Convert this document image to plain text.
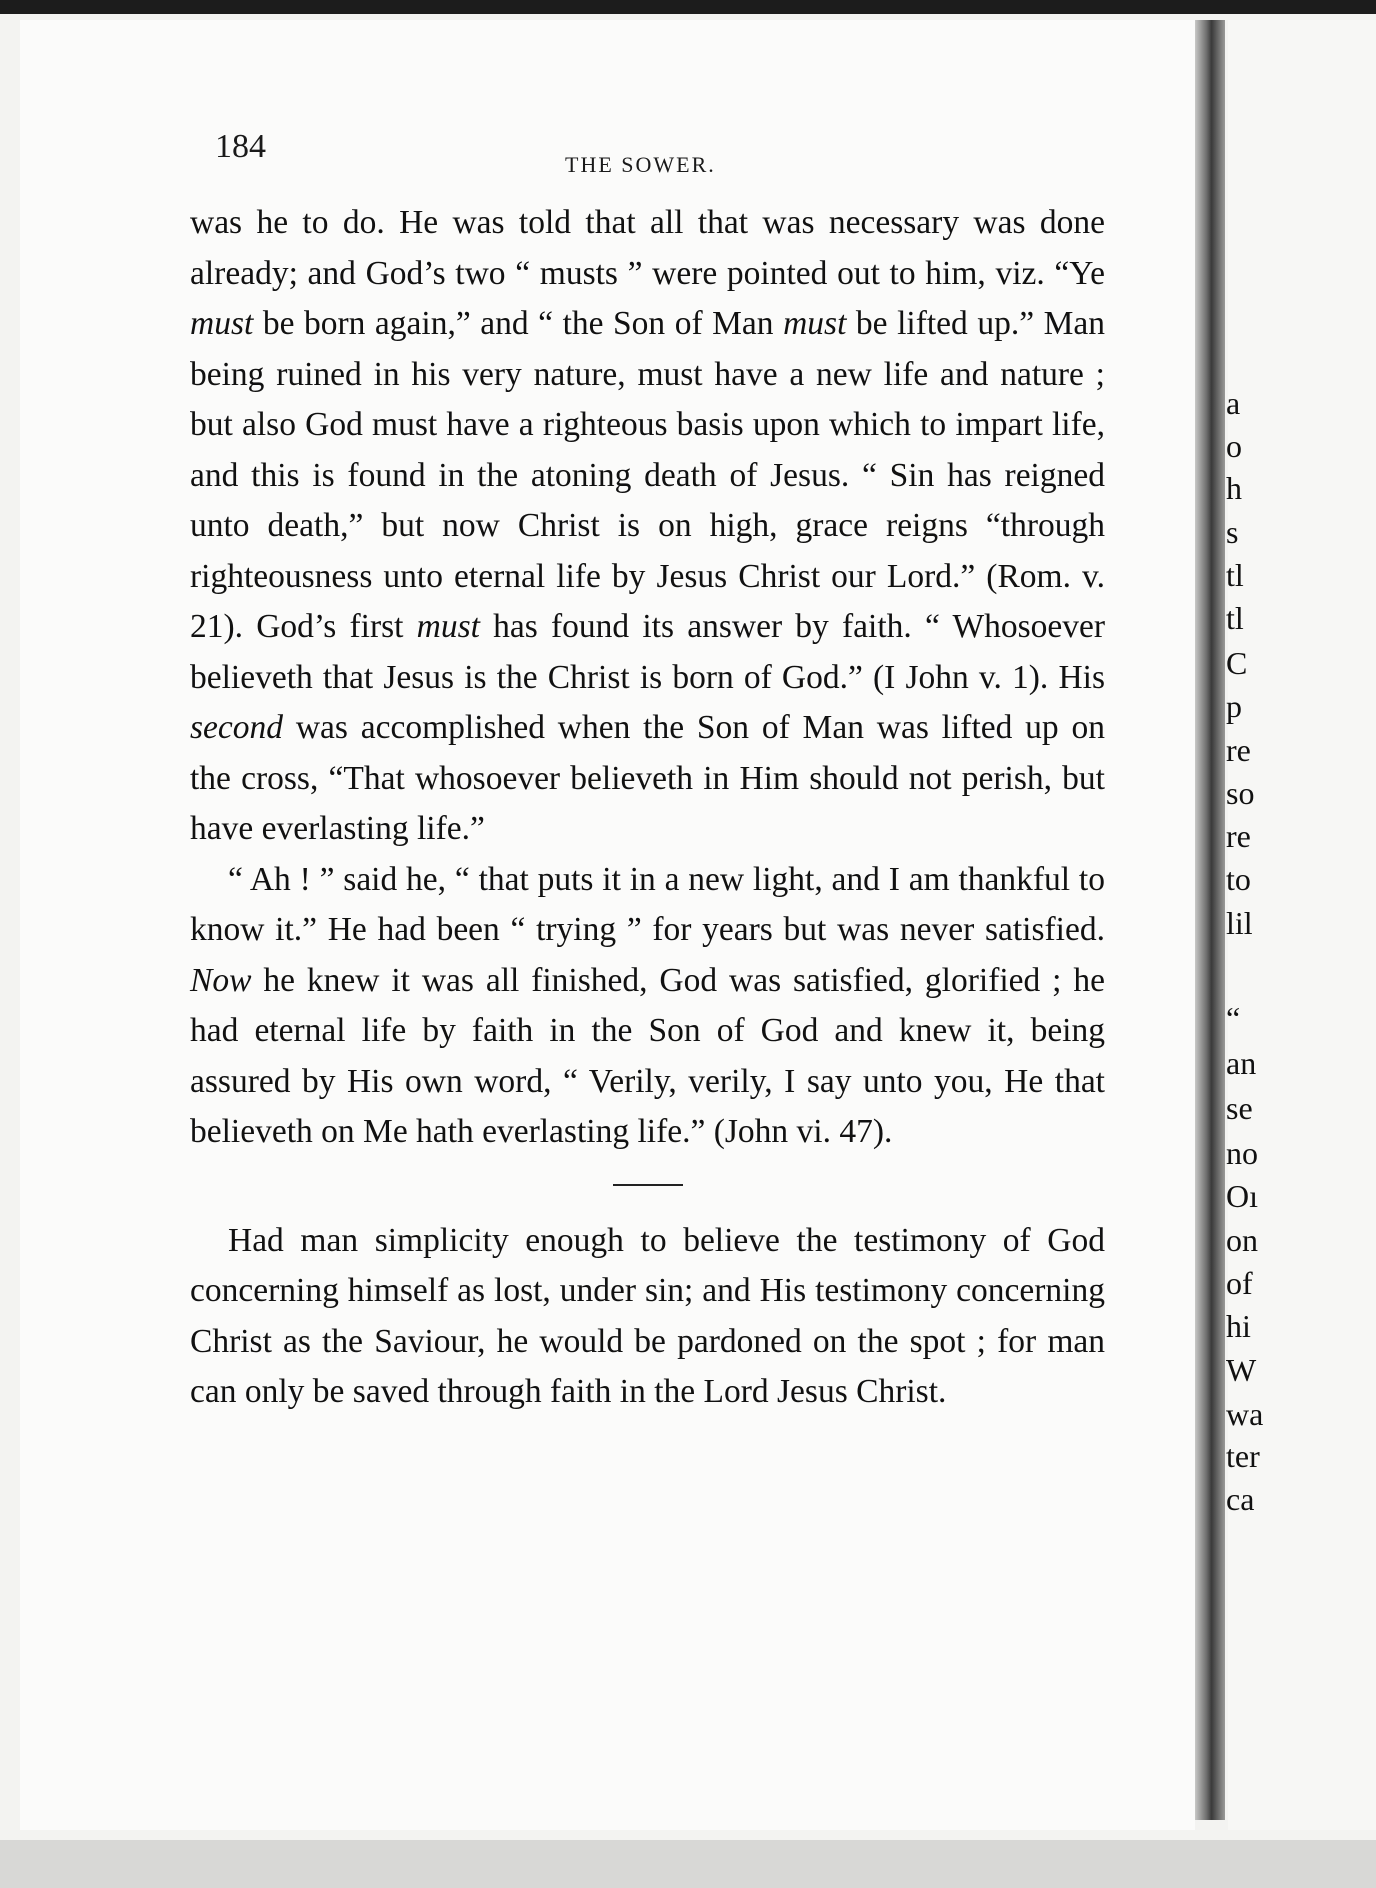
184	THE SOWER.

was he to do. He was told that all that was necessary was done already; and God’s two “ musts ” were pointed out to him, viz. “Ye must be born again,” and “ the Son of Man must be lifted up.” Man being ruined in his very nature, must have a new life and nature ; but also God must have a righteous basis upon which to impart life, and this is found in the atoning death of Jesus. “ Sin has reigned unto death,” but now Christ is on high, grace reigns “through righteousness unto eternal life by Jesus Christ our Lord.” (Rom. v. 21). God’s first must has found its answer by faith. “ Whosoever believeth that Jesus is the Christ is born of God.” (I John v. 1). His second was accomplished when the Son of Man was lifted up on the cross, “That whosoever believeth in Him should not perish, but have everlasting life.”

“ Ah ! ” said he, “ that puts it in a new light, and I am thankful to know it.” He had been “ trying ” for years but was never satisfied. Now he knew it was all finished, God was satisfied, glorified ; he had eternal life by faith in the Son of God and knew it, being assured by His own word, “ Verily, verily, I say unto you, He that believeth on Me hath everlasting life.” (John vi. 47).

Had man simplicity enough to believe the testimony of God concerning himself as lost, under sin; and His testimony concerning Christ as the Saviour, he would be pardoned on the spot ; for man can only be saved through faith in the Lord Jesus Christ.

a
o
h
s
tl
tl
C
p
re
so
re
to
lil
“
an
se
no
Oı
on
of
hi
W
wa
ter
ca
